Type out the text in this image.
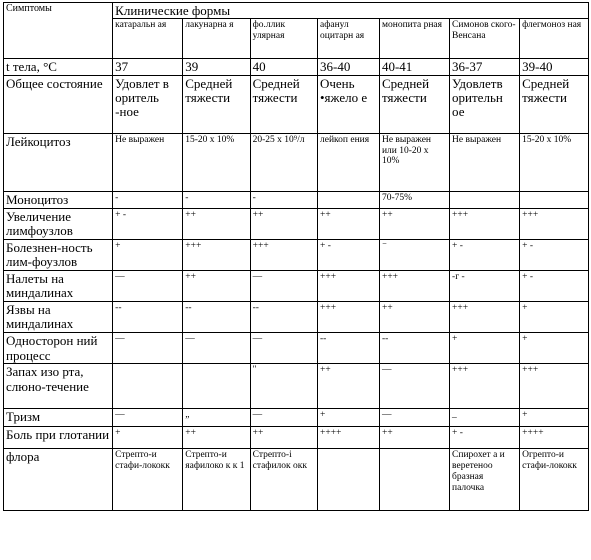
Симптомы	Клинические формы						
	катаральн ая	лакунарна я	фо.ллик улярная	афанул оцитарн ая	монопита рная	Симонов ского-Венсана	флегмоноз ная
t тела, °С	37	39	40	36-40	40-41	36-37	39-40
Общее состояние	Удовлет в оритель -ное	Средней тяжести	Средней тяжести	Очень •яжело е	Средней тяжести	Удовлетв орительн ое	Средней тяжести
Лейкоцитоз	Не выражен	15-20 х 10%	20-25 х 10⁹/л	лейкоп ения	Не выражен или 10-20 х 10%	Не выражен	15-20 х 10%
Моноцитоз	-	-	-		70-75%		
Увеличение лимфоузлов	+ -	++	++	++	++	+++	+++
Болезнен-ность лим-фоузлов	+	+++	+++	+ -	⁻	+ -	+ -
Налеты на миндалинах	—	++	—	+++	+++	-г -	+ -
Язвы на миндалинах	--	--	--	+++	++	+++	+
Односторон ний процесс	—	—	—	--	--	+	+
Запах изо рта, слюно-течение			"	++	—	+++	+++
Тризм	—	„	—	+	—	_	+
Боль при глотании	+	++	++	++++	++	+ -	++++
флора	Стрепто-и стафи-лококк	Стрепто-и яафилоко к к 1	Стрепто-і стафилок окк			Спирохет а и веретеноо бразная палочка	Огрепто-и стафи-лококк
